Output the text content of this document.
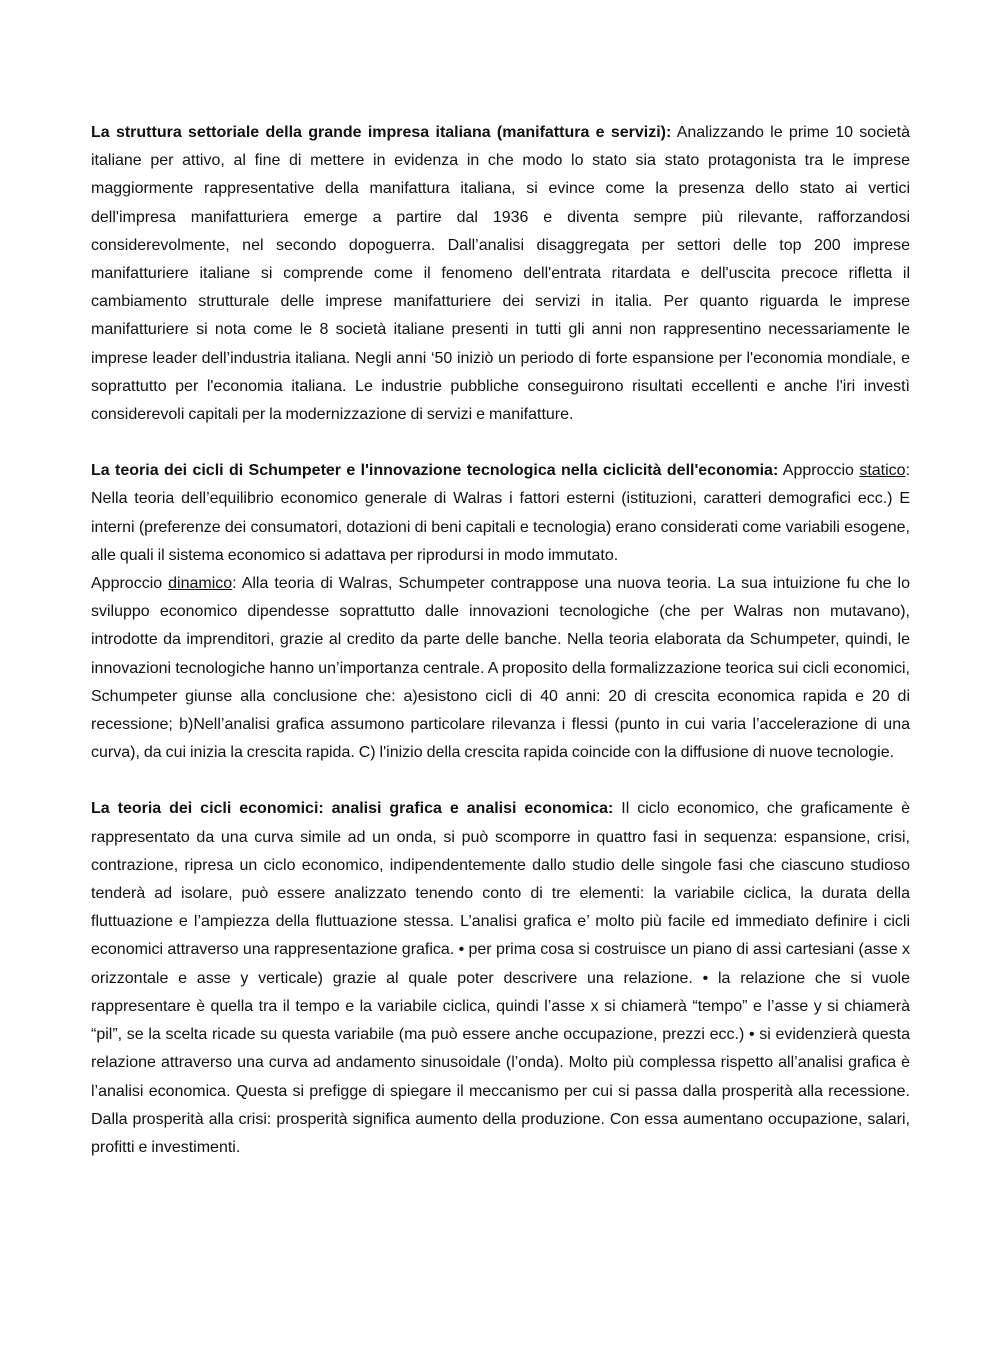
La struttura settoriale della grande impresa italiana (manifattura e servizi): Analizzando le prime 10 società italiane per attivo, al fine di mettere in evidenza in che modo lo stato sia stato protagonista tra le imprese maggiormente rappresentative della manifattura italiana, si evince come la presenza dello stato ai vertici dell'impresa manifatturiera emerge a partire dal 1936 e diventa sempre più rilevante, rafforzandosi considerevolmente, nel secondo dopoguerra. Dall’analisi disaggregata per settori delle top 200 imprese manifatturiere italiane si comprende come il fenomeno dell'entrata ritardata e dell'uscita precoce rifletta il cambiamento strutturale delle imprese manifatturiere dei servizi in italia. Per quanto riguarda le imprese manifatturiere si nota come le 8 società italiane presenti in tutti gli anni non rappresentino necessariamente le imprese leader dell’industria italiana. Negli anni ‘50 iniziò un periodo di forte espansione per l'economia mondiale, e soprattutto per l'economia italiana. Le industrie pubbliche conseguirono risultati eccellenti e anche l'iri investì considerevoli capitali per la modernizzazione di servizi e manifatture.

La teoria dei cicli di Schumpeter e l'innovazione tecnologica nella ciclicità dell'economia: Approccio statico: Nella teoria dell’equilibrio economico generale di Walras i fattori esterni (istituzioni, caratteri demografici ecc.) E interni (preferenze dei consumatori, dotazioni di beni capitali e tecnologia) erano considerati come variabili esogene, alle quali il sistema economico si adattava per riprodursi in modo immutato.

Approccio dinamico: Alla teoria di Walras, Schumpeter contrappose una nuova teoria. La sua intuizione fu che lo sviluppo economico dipendesse soprattutto dalle innovazioni tecnologiche (che per Walras non mutavano), introdotte da imprenditori, grazie al credito da parte delle banche. Nella teoria elaborata da Schumpeter, quindi, le innovazioni tecnologiche hanno un’importanza centrale. A proposito della formalizzazione teorica sui cicli economici, Schumpeter giunse alla conclusione che: a)esistono cicli di 40 anni: 20 di crescita economica rapida e 20 di recessione; b)Nell’analisi grafica assumono particolare rilevanza i flessi (punto in cui varia l’accelerazione di una curva), da cui inizia la crescita rapida. C) l'inizio della crescita rapida coincide con la diffusione di nuove tecnologie.

La teoria dei cicli economici: analisi grafica e analisi economica: Il ciclo economico, che graficamente è rappresentato da una curva simile ad un onda, si può scomporre in quattro fasi in sequenza: espansione, crisi, contrazione, ripresa un ciclo economico, indipendentemente dallo studio delle singole fasi che ciascuno studioso tenderà ad isolare, può essere analizzato tenendo conto di tre elementi: la variabile ciclica, la durata della fluttuazione e l’ampiezza della fluttuazione stessa. L’analisi grafica e’ molto più facile ed immediato definire i cicli economici attraverso una rappresentazione grafica. • per prima cosa si costruisce un piano di assi cartesiani (asse x orizzontale e asse y verticale) grazie al quale poter descrivere una relazione. • la relazione che si vuole rappresentare è quella tra il tempo e la variabile ciclica, quindi l’asse x si chiamerà “tempo” e l’asse y si chiamerà “pil”, se la scelta ricade su questa variabile (ma può essere anche occupazione, prezzi ecc.) • si evidenzierà questa relazione attraverso una curva ad andamento sinusoidale (l’onda). Molto più complessa rispetto all’analisi grafica è l’analisi economica. Questa si prefigge di spiegare il meccanismo per cui si passa dalla prosperità alla recessione. Dalla prosperità alla crisi: prosperità significa aumento della produzione. Con essa aumentano occupazione, salari, profitti e investimenti.
